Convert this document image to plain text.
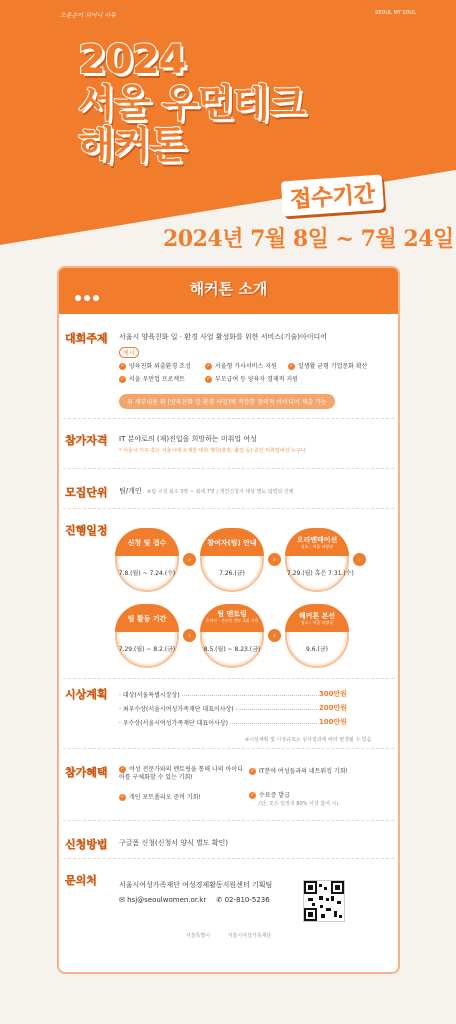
오른손이 되어니 사유	SEOUL MY SOUL
2024
서울 우먼테크
해커톤
접수기간
2024년 7월 8일 ~ 7월 24일
해커톤 소개
대회주제 서울시 양육친화 일 · 환경 사업 활성화를 위한 서비스(기술)아이디어
예시
✓ 양육친화 외출환경 조성	✓ 서울형 가사서비스 지원	✓ 일생활 균형 기업문화 확산
✓ 서울 우먼업 프로젝트	✓ 부모급여 등 양육자 경제적 지원
위 세부내용 외 [양육친화 일·환경 사업]에 적합한 창의적 아이디어 제출 가능
참가자격 IT 분야로의 (재)진입을 희망하는 미취업 여성
* 서울시 거주 혹은 서울시에 소재한 대학 재학(휴학, 졸업 등) 중인 미취업여성 누구나
모집단위 팀/개인 ※팀 구성 최소 3명 ~ 최대 7명 / 개인신청자 대상 별도 팀빌딩 진행
진행일정
신청 및 접수
7.8.(월) ~ 7.24.(수)
›
참여자(팀) 안내
7.26.(금)
›
오리엔테이션
장소 : 서울 다방장
7.29.(월) 혹은 7.31.(수)
›
팀 활동 기간
7.29.(월) ~ 8.2.(금)
›
팀 멘토링
온라인 · 온라인 멘토 3회 지원
8.5.(월) ~ 8.23.(금)
›
해커톤 본선
장소 : 서울 다방장
9.6.(금)
시상계획 · 대상(서울특별시장상)	300만원
· 최우수상(서울시여성가족재단 대표이사상)	200만원
· 우수상(서울시여성가족재단 대표이사상)	100만원
※시상계획 및 시상규모는 심사결과에 따라 변경될 수 있음
참가혜택	✓ 여성 전문가와의 멘토링을 통해 나의 아이디어를 구체화할 수 있는 기회!
✓ IT분야 여성들과의 네트워킹 기회!
✓ 개인 포트폴리오 준비 기회!	✓ 수료증 발급
(단, 모든 일정의 80% 이상 참여 시)
신청방법 구글폼 신청(신청서 양식 별도 확인)
문의처	서울시여성가족재단 여성경제활동지원센터 기획팀
✉ hsj@seoulwomen.or.kr ✆ 02-810-5236
서울특별시	서울시여성가족재단
